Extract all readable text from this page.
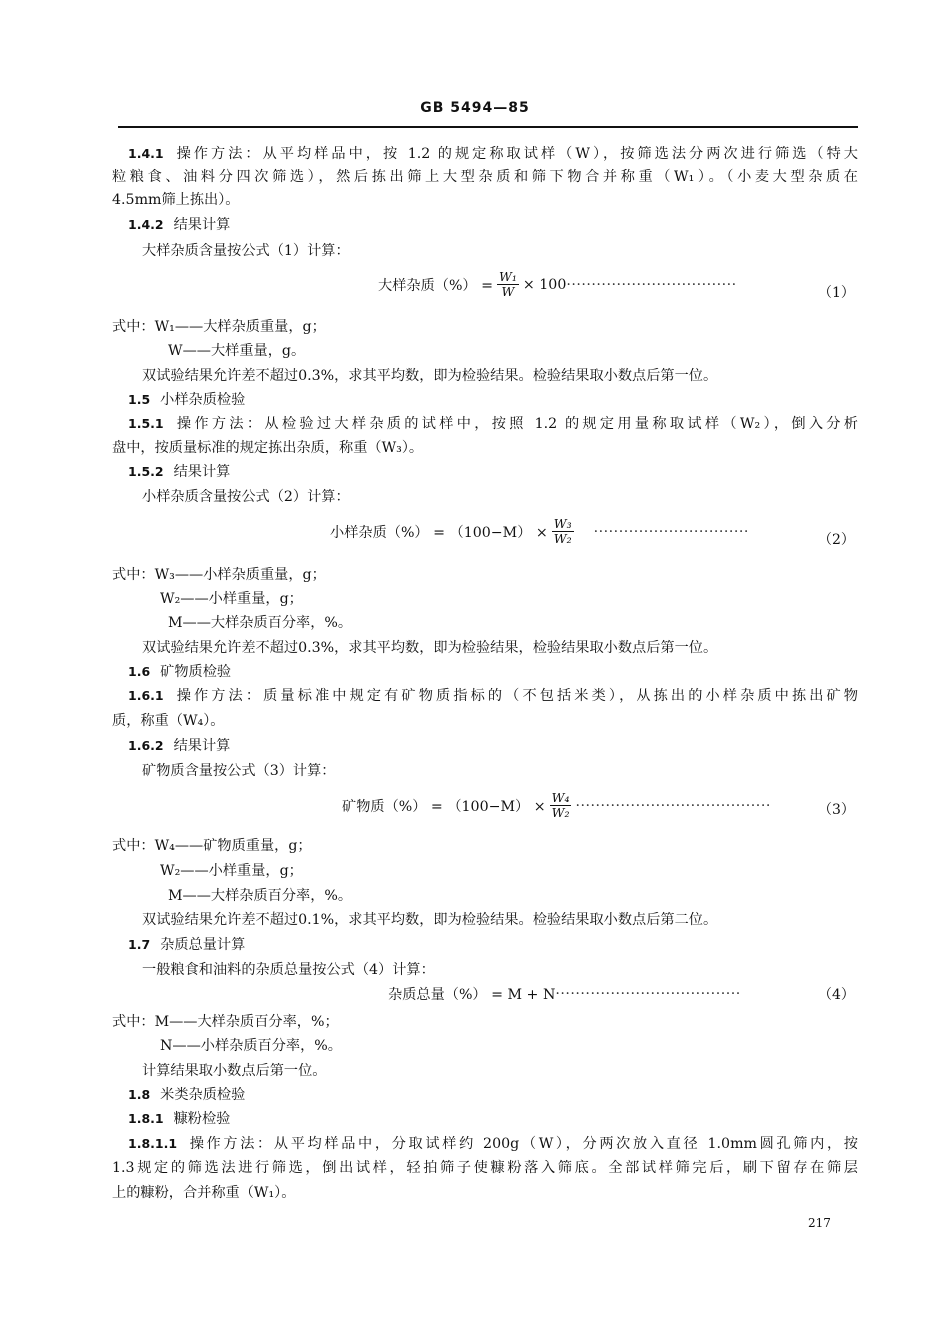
GB 5494—85
1.4.1 操作方法：从平均样品中，按 1.2 的规定称取试样（W），按筛选法分两次进行筛选（特大
粒粮食、油料分四次筛选），然后拣出筛上大型杂质和筛下物合并称重（W₁）。（小麦大型杂质在
4.5mm筛上拣出）。
1.4.2 结果计算
大样杂质含量按公式（1）计算：
大样杂质（%） = $\frac{\text{W₁}}{W} \times 100$ ··································
（1）
式中：W₁——大样杂质重量，g；
W——大样重量，g。
双试验结果允许差不超过0.3%，求其平均数，即为检验结果。检验结果取小数点后第一位。
1.5 小样杂质检验
1.5.1 操作方法：从检验过大样杂质的试样中，按照 1.2 的规定用量称取试样（W₂），倒入分析
盘中，按质量标准的规定拣出杂质，称重（W₃）。
1.5.2 结果计算
小样杂质含量按公式（2）计算：
小样杂质（%） = $(100-M) \times \frac{\text{W₃}}{\text{W₂}}$ ·······························
（2）
式中：W₃——小样杂质重量，g；
W₂——小样重量，g；
M——大样杂质百分率，%。
双试验结果允许差不超过0.3%，求其平均数，即为检验结果，检验结果取小数点后第一位。
1.6 矿物质检验
1.6.1 操作方法：质量标准中规定有矿物质指标的（不包括米类），从拣出的小样杂质中拣出矿物
质，称重（W₄）。
1.6.2 结果计算
矿物质含量按公式（3）计算：
矿物质（%） = $(100-M) \times \frac{\text{W₄}}{\text{W₂}}$ ·······································	（3）
式中：W₄——矿物质重量，g；
W₂——小样重量，g；
M——大样杂质百分率，%。
双试验结果允许差不超过0.1%，求其平均数，即为检验结果。检验结果取小数点后第二位。
1.7 杂质总量计算
一般粮食和油料的杂质总量按公式（4）计算：
杂质总量（%） = M + N ·····································	（4）
式中：M——大样杂质百分率，%；
N——小样杂质百分率，%。
计算结果取小数点后第一位。
1.8 米类杂质检验
1.8.1 糠粉检验
1.8.1.1 操作方法：从平均样品中，分取试样约 200g（W），分两次放入直径 1.0mm圆孔筛内，按
1.3规定的筛选法进行筛选，倒出试样，轻拍筛子使糠粉落入筛底。全部试样筛完后，刷下留存在筛层
上的糠粉，合并称重（W₁）。
217
